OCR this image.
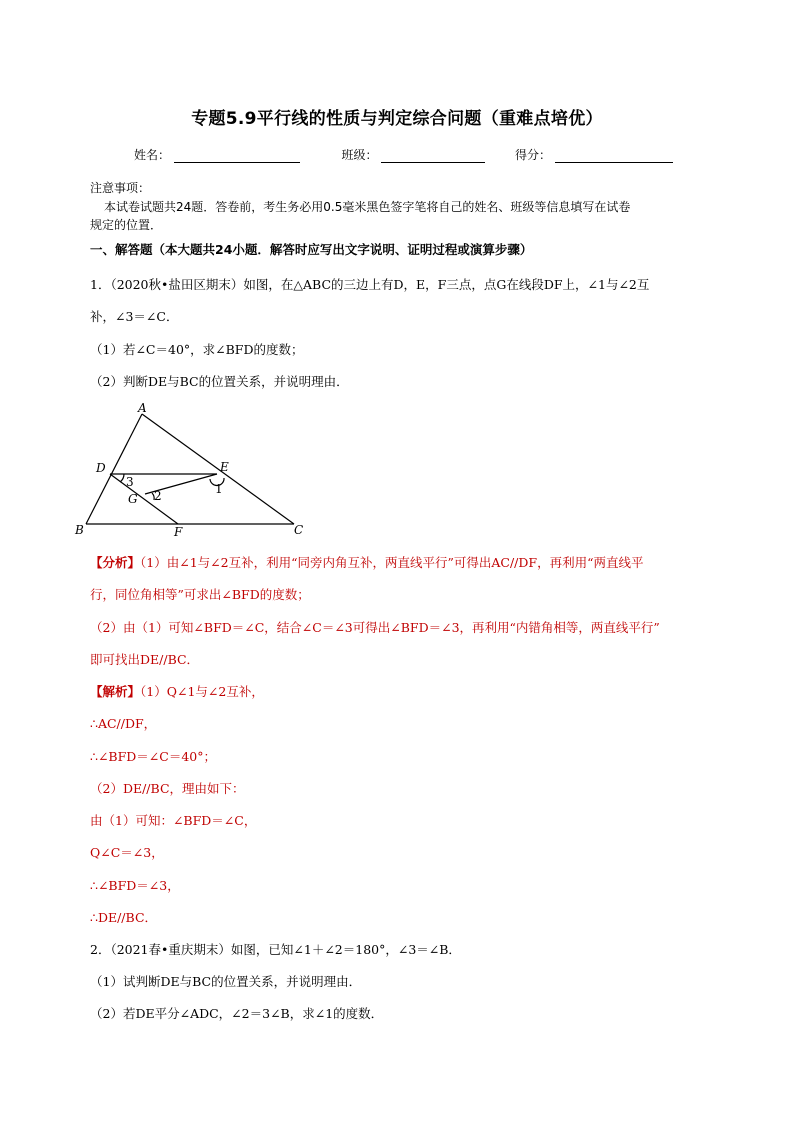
专题5.9平行线的性质与判定综合问题（重难点培优）
姓名：	班级：	得分：
注意事项：
本试卷试题共24题．答卷前，考生务必用0.5毫米黑色签字笔将自己的姓名、班级等信息填写在试卷
规定的位置．
一、解答题（本大题共24小题．解答时应写出文字说明、证明过程或演算步骤）
1．（2020秋•盐田区期末）如图，在△ABC的三边上有D，E，F三点，点G在线段DF上，∠1与∠2互
补，∠3＝∠C．
（1）若∠C＝40°，求∠BFD的度数；
（2）判断DE与BC的位置关系，并说明理由．
A
D	E
G
B	F	C
1
3
2
【分析】（1）由∠1与∠2互补，利用“同旁内角互补，两直线平行”可得出AC//DF，再利用“两直线平
行，同位角相等”可求出∠BFD的度数；
（2）由（1）可知∠BFD＝∠C，结合∠C＝∠3可得出∠BFD＝∠3，再利用“内错角相等，两直线平行”
即可找出DE//BC．
【解析】（1）Q∠1与∠2互补，
∴AC//DF，
∴∠BFD＝∠C＝40°；
（2）DE//BC，理由如下：
由（1）可知：∠BFD＝∠C，
Q∠C＝∠3，
∴∠BFD＝∠3，
∴DE//BC．
2．（2021春•重庆期末）如图，已知∠1＋∠2＝180°，∠3＝∠B．
（1）试判断DE与BC的位置关系，并说明理由．
（2）若DE平分∠ADC，∠2＝3∠B，求∠1的度数．
